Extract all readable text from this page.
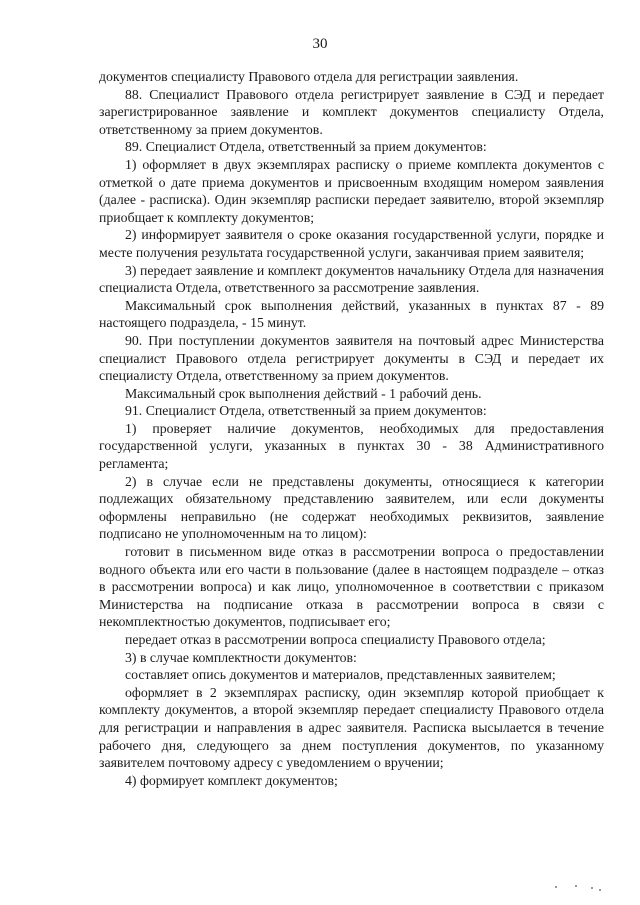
30

документов специалисту Правового отдела для регистрации заявления.

88. Специалист Правового отдела регистрирует заявление в СЭД и передает зарегистрированное заявление и комплект документов специалисту Отдела, ответственному за прием документов.

89. Специалист Отдела, ответственный за прием документов:

1) оформляет в двух экземплярах расписку о приеме комплекта документов с отметкой о дате приема документов и присвоенным входящим номером заявления (далее - расписка). Один экземпляр расписки передает заявителю, второй экземпляр приобщает к комплекту документов;

2) информирует заявителя о сроке оказания государственной услуги, порядке и месте получения результата государственной услуги, заканчивая прием заявителя;

3) передает заявление и комплект документов начальнику Отдела для назначения специалиста Отдела, ответственного за рассмотрение заявления.

Максимальный срок выполнения действий, указанных в пунктах 87 - 89 настоящего подраздела, - 15 минут.

90. При поступлении документов заявителя на почтовый адрес Министерства специалист Правового отдела регистрирует документы в СЭД и передает их специалисту Отдела, ответственному за прием документов.

Максимальный срок выполнения действий - 1 рабочий день.

91. Специалист Отдела, ответственный за прием документов:

1) проверяет наличие документов, необходимых для предоставления государственной услуги, указанных в пунктах 30 - 38 Административного регламента;

2) в случае если не представлены документы, относящиеся к категории подлежащих обязательному представлению заявителем, или если документы оформлены неправильно (не содержат необходимых реквизитов, заявление подписано не уполномоченным на то лицом):

готовит в письменном виде отказ в рассмотрении вопроса о предоставлении водного объекта или его части в пользование (далее в настоящем подразделе – отказ в рассмотрении вопроса) и как лицо, уполномоченное в соответствии с приказом Министерства на подписание отказа в рассмотрении вопроса в связи с некомплектностью документов, подписывает его;

передает отказ в рассмотрении вопроса специалисту Правового отдела;

3) в случае комплектности документов:

составляет опись документов и материалов, представленных заявителем;

оформляет в 2 экземплярах расписку, один экземпляр которой приобщает к комплекту документов, а второй экземпляр передает специалисту Правового отдела для регистрации и направления в адрес заявителя. Расписка высылается в течение рабочего дня, следующего за днем поступления документов, по указанному заявителем почтовому адресу с уведомлением о вручении;

4) формирует комплект документов;
